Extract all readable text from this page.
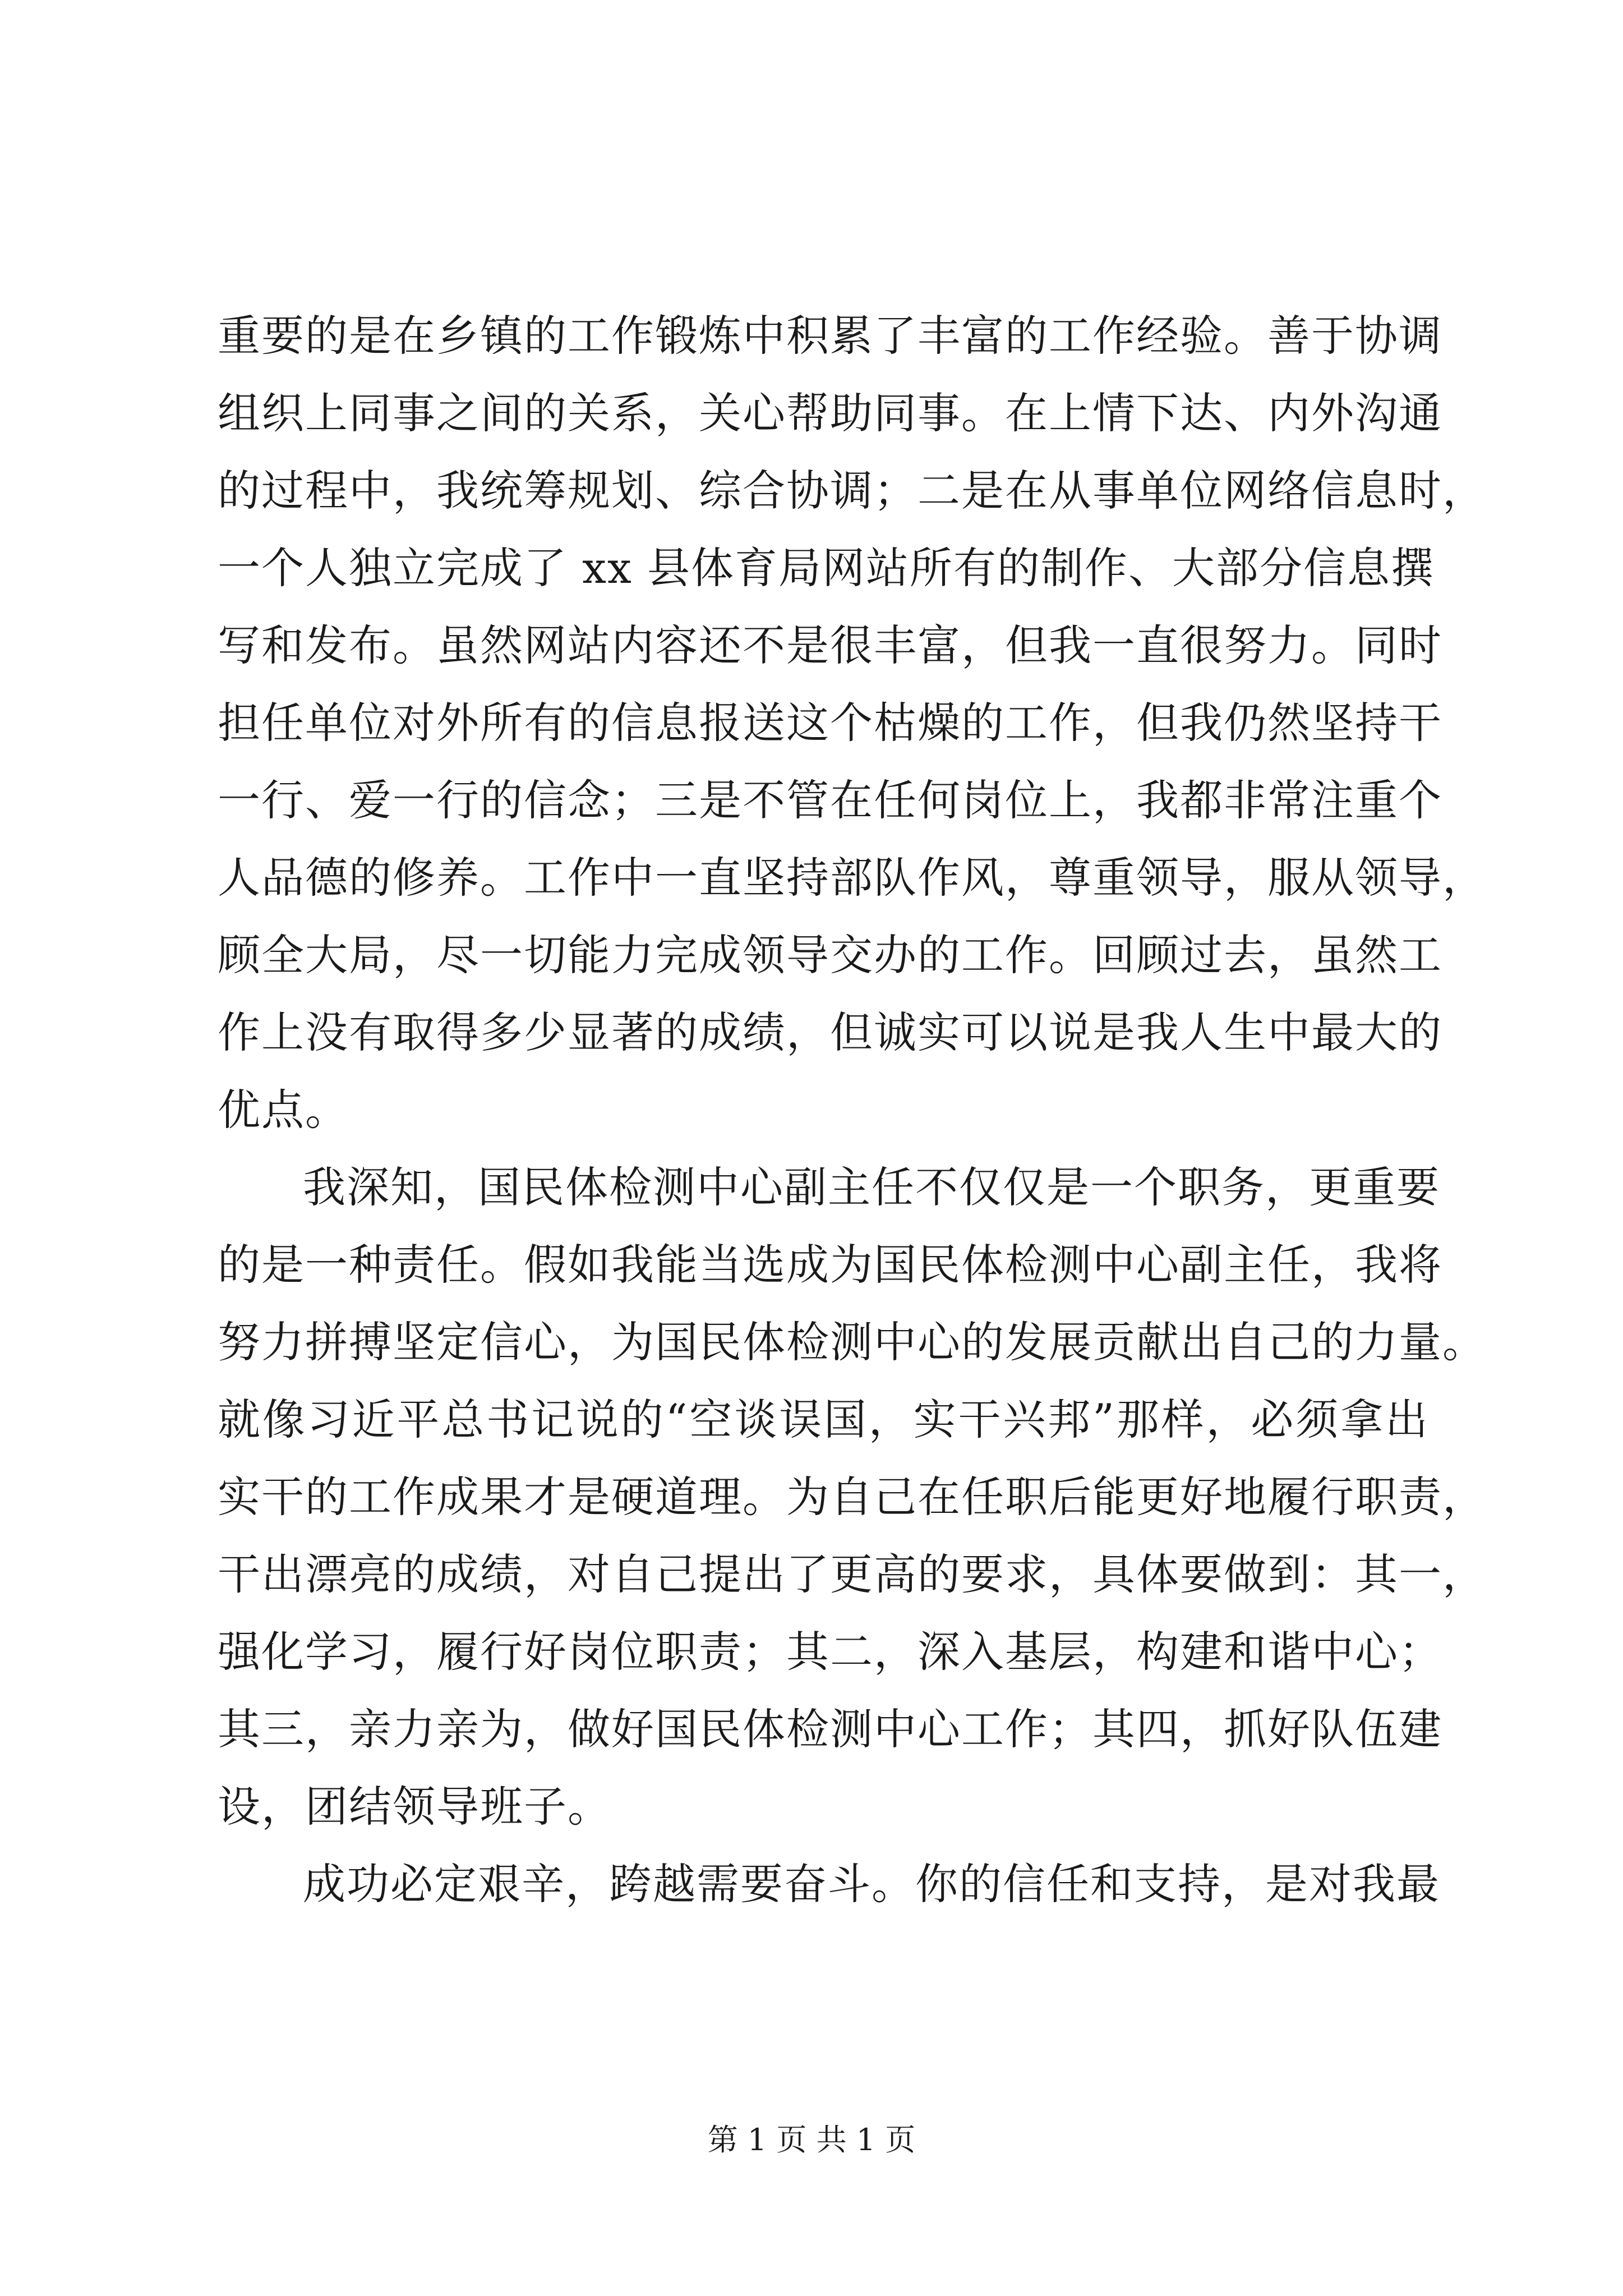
重要的是在乡镇的工作锻炼中积累了丰富的工作经验。善于协调
组织上同事之间的关系，关心帮助同事。在上情下达、内外沟通
的过程中，我统筹规划、综合协调；二是在从事单位网络信息时，
一个人独立完成了 xx 县体育局网站所有的制作、大部分信息撰
写和发布。虽然网站内容还不是很丰富，但我一直很努力。同时
担任单位对外所有的信息报送这个枯燥的工作，但我仍然坚持干
一行、爱一行的信念；三是不管在任何岗位上，我都非常注重个
人品德的修养。工作中一直坚持部队作风，尊重领导，服从领导，
顾全大局，尽一切能力完成领导交办的工作。回顾过去，虽然工
作上没有取得多少显著的成绩，但诚实可以说是我人生中最大的
优点。
我深知，国民体检测中心副主任不仅仅是一个职务，更重要
的是一种责任。假如我能当选成为国民体检测中心副主任，我将
努力拼搏坚定信心，为国民体检测中心的发展贡献出自己的力量。
就像习近平总书记说的“空谈误国，实干兴邦”那样，必须拿出
实干的工作成果才是硬道理。为自己在任职后能更好地履行职责，
干出漂亮的成绩，对自己提出了更高的要求，具体要做到：其一，
强化学习，履行好岗位职责；其二，深入基层，构建和谐中心；
其三，亲力亲为，做好国民体检测中心工作；其四，抓好队伍建
设，团结领导班子。
成功必定艰辛，跨越需要奋斗。你的信任和支持，是对我最
第 1 页 共 1 页
